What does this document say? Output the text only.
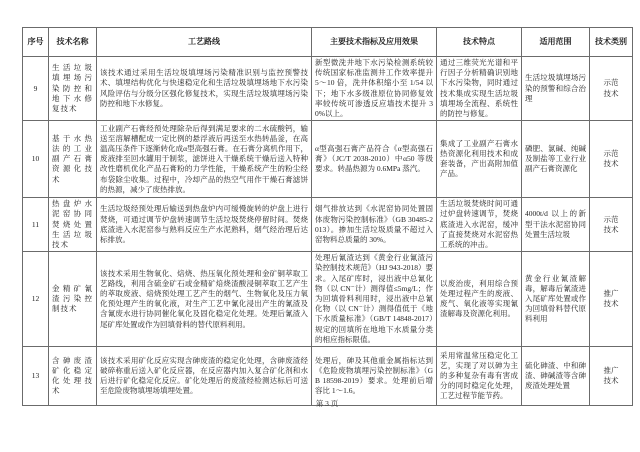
序号	技术名称	工艺路线	主要技术指标及应用效果	技术特点	适用范围	技术类别
9	生活垃圾填埋场污染防控和地下水修复技术	该技术通过采用生活垃圾填埋场污染精准识别与监控预警技术、填埋结构优化与快速稳定化和生活垃圾填埋场地下水污染风险评估与分级分区强化修复技术，实现生活垃圾填埋场污染防控和地下水修复。	新型微洗井地下水污染检测系统较传统国家标准监测井工作效率提升 5～10 倍，洗井体积缩小至 1/54 以下；地下水多级准原位协同修复效率较传统可渗透反应墙技术提升 30%以上。	通过三维荧光光谱和平行因子分析精确识别地下水污染物，同时通过技术集成实现生活垃圾填埋场全流程、系统性的防控与修复。	生活垃圾填埋场污染的预警和综合治理	示范技术
10	基于水热法的工业副产石膏资源化技术	工业副产石膏经预处理除杂后得到满足要求的二水硫酸钙，输送至溶解槽配成一定比例的悬浮液后再送至水热转晶釜，在高温高压条件下逐渐转化成α型高强石膏。在石膏分离机作用下，废液排至回水罐用于制浆，滤饼进入干燥系统干燥后送入特种改性磨机优化产品石膏粉的力学性能，干燥系统产生的粉尘经布袋除尘收集。过程中，冷却产品的热空气用作干燥石膏滤饼的热源，减少了废热排放。	α型高强石膏产品符合《α型高强石膏》（JC/T 2038-2010）中α50 等级要求。转晶热源为 0.6MPa 蒸汽。	集成了工业副产石膏水热资源化利用技术和成套装备，产出高附加值产品。	磷肥、氯碱、纯碱及制盐等工业行业副产石膏资源化	示范技术
11	热盘炉水泥窑协同焚烧处置生活垃圾技术	生活垃圾经预处理后输送到热盘炉内可缓慢旋转的炉盘上进行焚烧，可通过调节炉盘转速调节生活垃圾焚烧停留时间。焚烧底渣进入水泥窑参与熟料反应生产水泥熟料，烟气经治理后达标排放。	烟气排放达到《水泥窑协同处置固体废物污染控制标准》（GB 30485-2013）。掺加生活垃圾质量不超过入窑物料总质量的 30%。	生活垃圾焚烧时间可通过炉盘转速调节，焚烧底渣进入水泥窑，缓冲了直接焚烧对水泥窑热工系统的冲击。	4000t/d 以上的新型干法水泥窑协同处置生活垃圾	示范技术
12	金精矿氰渣污染控制技术	该技术采用生物氧化、焙烧、热压氧化预处理和金矿铜萃取工艺路线，利用含硫金矿石或金精矿焙烧渣酸浸铜萃取工艺产生的萃取废液、焙烧预处理工艺产生的烟气、生物氧化及压力氧化预处理产生的氧化液，对生产工艺中氰化浸出产生的氰渣及含氰废水进行协同催化氧化及固化稳定化处理。处理后氰渣入尾矿库处置或作为回填骨料的替代原料利用。	处理后氰渣达到《黄金行业氰渣污染控制技术规范》（HJ 943-2018）要求。入尾矿库时，浸出液中总氰化物（以 CN⁻计）测得值≤5mg/L；作为回填骨料利用时，浸出液中总氰化物（以 CN⁻计）测得值低于《地下水质量标准》（GB/T 14848-2017）规定的回填所在地地下水质量分类的相应指标限值。	以废治废，利用综合预处理过程产生的废液、废气、氧化液等实现氰渣解毒及资源化利用。	黄金行业氰渣解毒，解毒后氰渣进入尾矿库处置或作为回填骨料替代原料利用	推广技术
13	含砷废渣矿化稳定化处理技术	该技术采用矿化反应实现含砷废渣的稳定化处理，含砷废渣经破碎称重后送入矿化反应器，在反应器内加入复合矿化剂和水后进行矿化稳定化反应。矿化处理后的废渣经检测达标后可送至危险废物填埋场填埋处置。	处理后，砷及其他重金属指标达到《危险废物填埋污染控制标准》（GB 18598-2019）要求。处理前后增容比 1～1.6。	采用常温常压稳定化工艺，实现了对以砷为主的多种复杂有毒有害成分的同时稳定化处理，工艺过程节能节药。	硫化砷渣、中和砷渣、砷碱渣等含砷废渣处理处置	推广技术
第 3 页
